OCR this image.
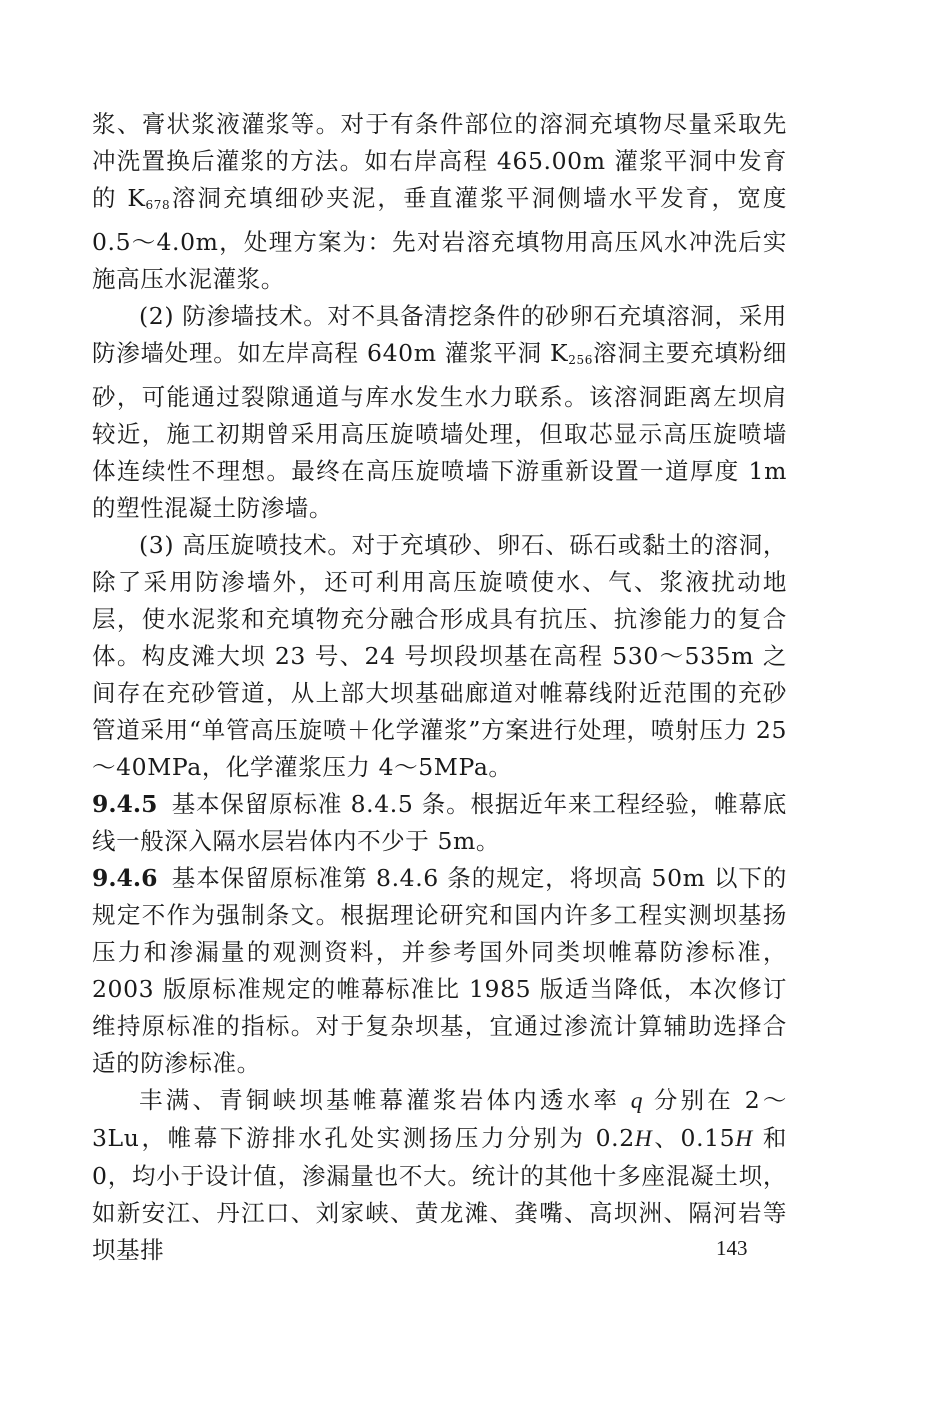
浆、膏状浆液灌浆等。对于有条件部位的溶洞充填物尽量采取先冲洗置换后灌浆的方法。如右岸高程 465.00m 灌浆平洞中发育的 $K_{678}$溶洞充填细砂夹泥，垂直灌浆平洞侧墙水平发育，宽度 0.5～4.0m，处理方案为：先对岩溶充填物用高压风水冲洗后实施高压水泥灌浆。

(2) 防渗墙技术。对不具备清挖条件的砂卵石充填溶洞，采用防渗墙处理。如左岸高程 640m 灌浆平洞 $K_{256}$溶洞主要充填粉细砂，可能通过裂隙通道与库水发生水力联系。该溶洞距离左坝肩较近，施工初期曾采用高压旋喷墙处理，但取芯显示高压旋喷墙体连续性不理想。最终在高压旋喷墙下游重新设置一道厚度 1m 的塑性混凝土防渗墙。

(3) 高压旋喷技术。对于充填砂、卵石、砾石或黏土的溶洞，除了采用防渗墙外，还可利用高压旋喷使水、气、浆液扰动地层，使水泥浆和充填物充分融合形成具有抗压、抗渗能力的复合体。构皮滩大坝 23 号、24 号坝段坝基在高程 530～535m 之间存在充砂管道，从上部大坝基础廊道对帷幕线附近范围的充砂管道采用“单管高压旋喷＋化学灌浆”方案进行处理，喷射压力 25～40MPa，化学灌浆压力 4～5MPa。

9.4.5 基本保留原标准 8.4.5 条。根据近年来工程经验，帷幕底线一般深入隔水层岩体内不少于 5m。

9.4.6 基本保留原标准第 8.4.6 条的规定，将坝高 50m 以下的规定不作为强制条文。根据理论研究和国内许多工程实测坝基扬压力和渗漏量的观测资料，并参考国外同类坝帷幕防渗标准，2003 版原标准规定的帷幕标准比 1985 版适当降低，本次修订维持原标准的指标。对于复杂坝基，宜通过渗流计算辅助选择合适的防渗标准。

丰满、青铜峡坝基帷幕灌浆岩体内透水率 q 分别在 2～3Lu，帷幕下游排水孔处实测扬压力分别为 0.2H、0.15H 和 0，均小于设计值，渗漏量也不大。统计的其他十多座混凝土坝，如新安江、丹江口、刘家峡、黄龙滩、龚嘴、高坝洲、隔河岩等坝基排	143
